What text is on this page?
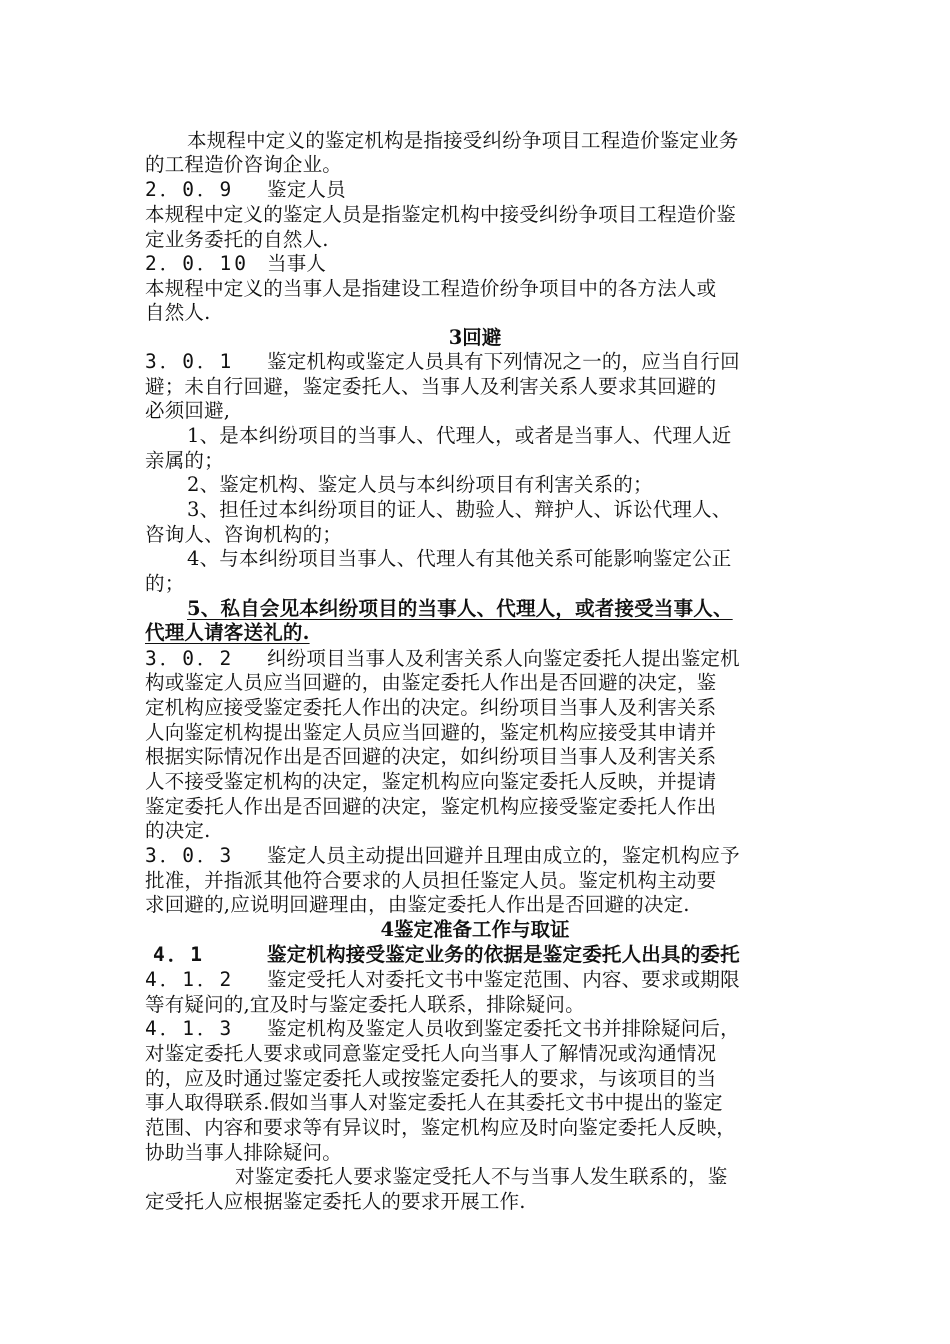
本规程中定义的鉴定机构是指接受纠纷争项目工程造价鉴定业务
的工程造价咨询企业。
2．0．9 鉴定人员
本规程中定义的鉴定人员是指鉴定机构中接受纠纷争项目工程造价鉴
定业务委托的自然人.
2．0．10 当事人
本规程中定义的当事人是指建设工程造价纷争项目中的各方法人或
自然人.
3回避
3．0．1 鉴定机构或鉴定人员具有下列情况之一的，应当自行回
避；未自行回避，鉴定委托人、当事人及利害关系人要求其回避的
必须回避,
1、是本纠纷项目的当事人、代理人，或者是当事人、代理人近
亲属的；
2、鉴定机构、鉴定人员与本纠纷项目有利害关系的；
3、担任过本纠纷项目的证人、勘验人、辩护人、诉讼代理人、
咨询人、咨询机构的；
4、与本纠纷项目当事人、代理人有其他关系可能影响鉴定公正
的；
5、私自会见本纠纷项目的当事人、代理人，或者接受当事人、
代理人请客送礼的.
3．0．2 纠纷项目当事人及利害关系人向鉴定委托人提出鉴定机
构或鉴定人员应当回避的，由鉴定委托人作出是否回避的决定，鉴
定机构应接受鉴定委托人作出的决定。纠纷项目当事人及利害关系
人向鉴定机构提出鉴定人员应当回避的，鉴定机构应接受其申请并
根据实际情况作出是否回避的决定，如纠纷项目当事人及利害关系
人不接受鉴定机构的决定，鉴定机构应向鉴定委托人反映，并提请
鉴定委托人作出是否回避的决定，鉴定机构应接受鉴定委托人作出
的决定.
3．0．3 鉴定人员主动提出回避并且理由成立的，鉴定机构应予
批准，并指派其他符合要求的人员担任鉴定人员。鉴定机构主动要
求回避的,应说明回避理由，由鉴定委托人作出是否回避的决定.
4鉴定准备工作与取证
4．1	鉴定机构接受鉴定业务的依据是鉴定委托人出具的委托
4．1．2 鉴定受托人对委托文书中鉴定范围、内容、要求或期限
等有疑问的,宜及时与鉴定委托人联系，排除疑问。
4．1．3 鉴定机构及鉴定人员收到鉴定委托文书并排除疑问后，
对鉴定委托人要求或同意鉴定受托人向当事人了解情况或沟通情况
的，应及时通过鉴定委托人或按鉴定委托人的要求，与该项目的当
事人取得联系.假如当事人对鉴定委托人在其委托文书中提出的鉴定
范围、内容和要求等有异议时，鉴定机构应及时向鉴定委托人反映，
协助当事人排除疑问。
对鉴定委托人要求鉴定受托人不与当事人发生联系的，鉴
定受托人应根据鉴定委托人的要求开展工作.
